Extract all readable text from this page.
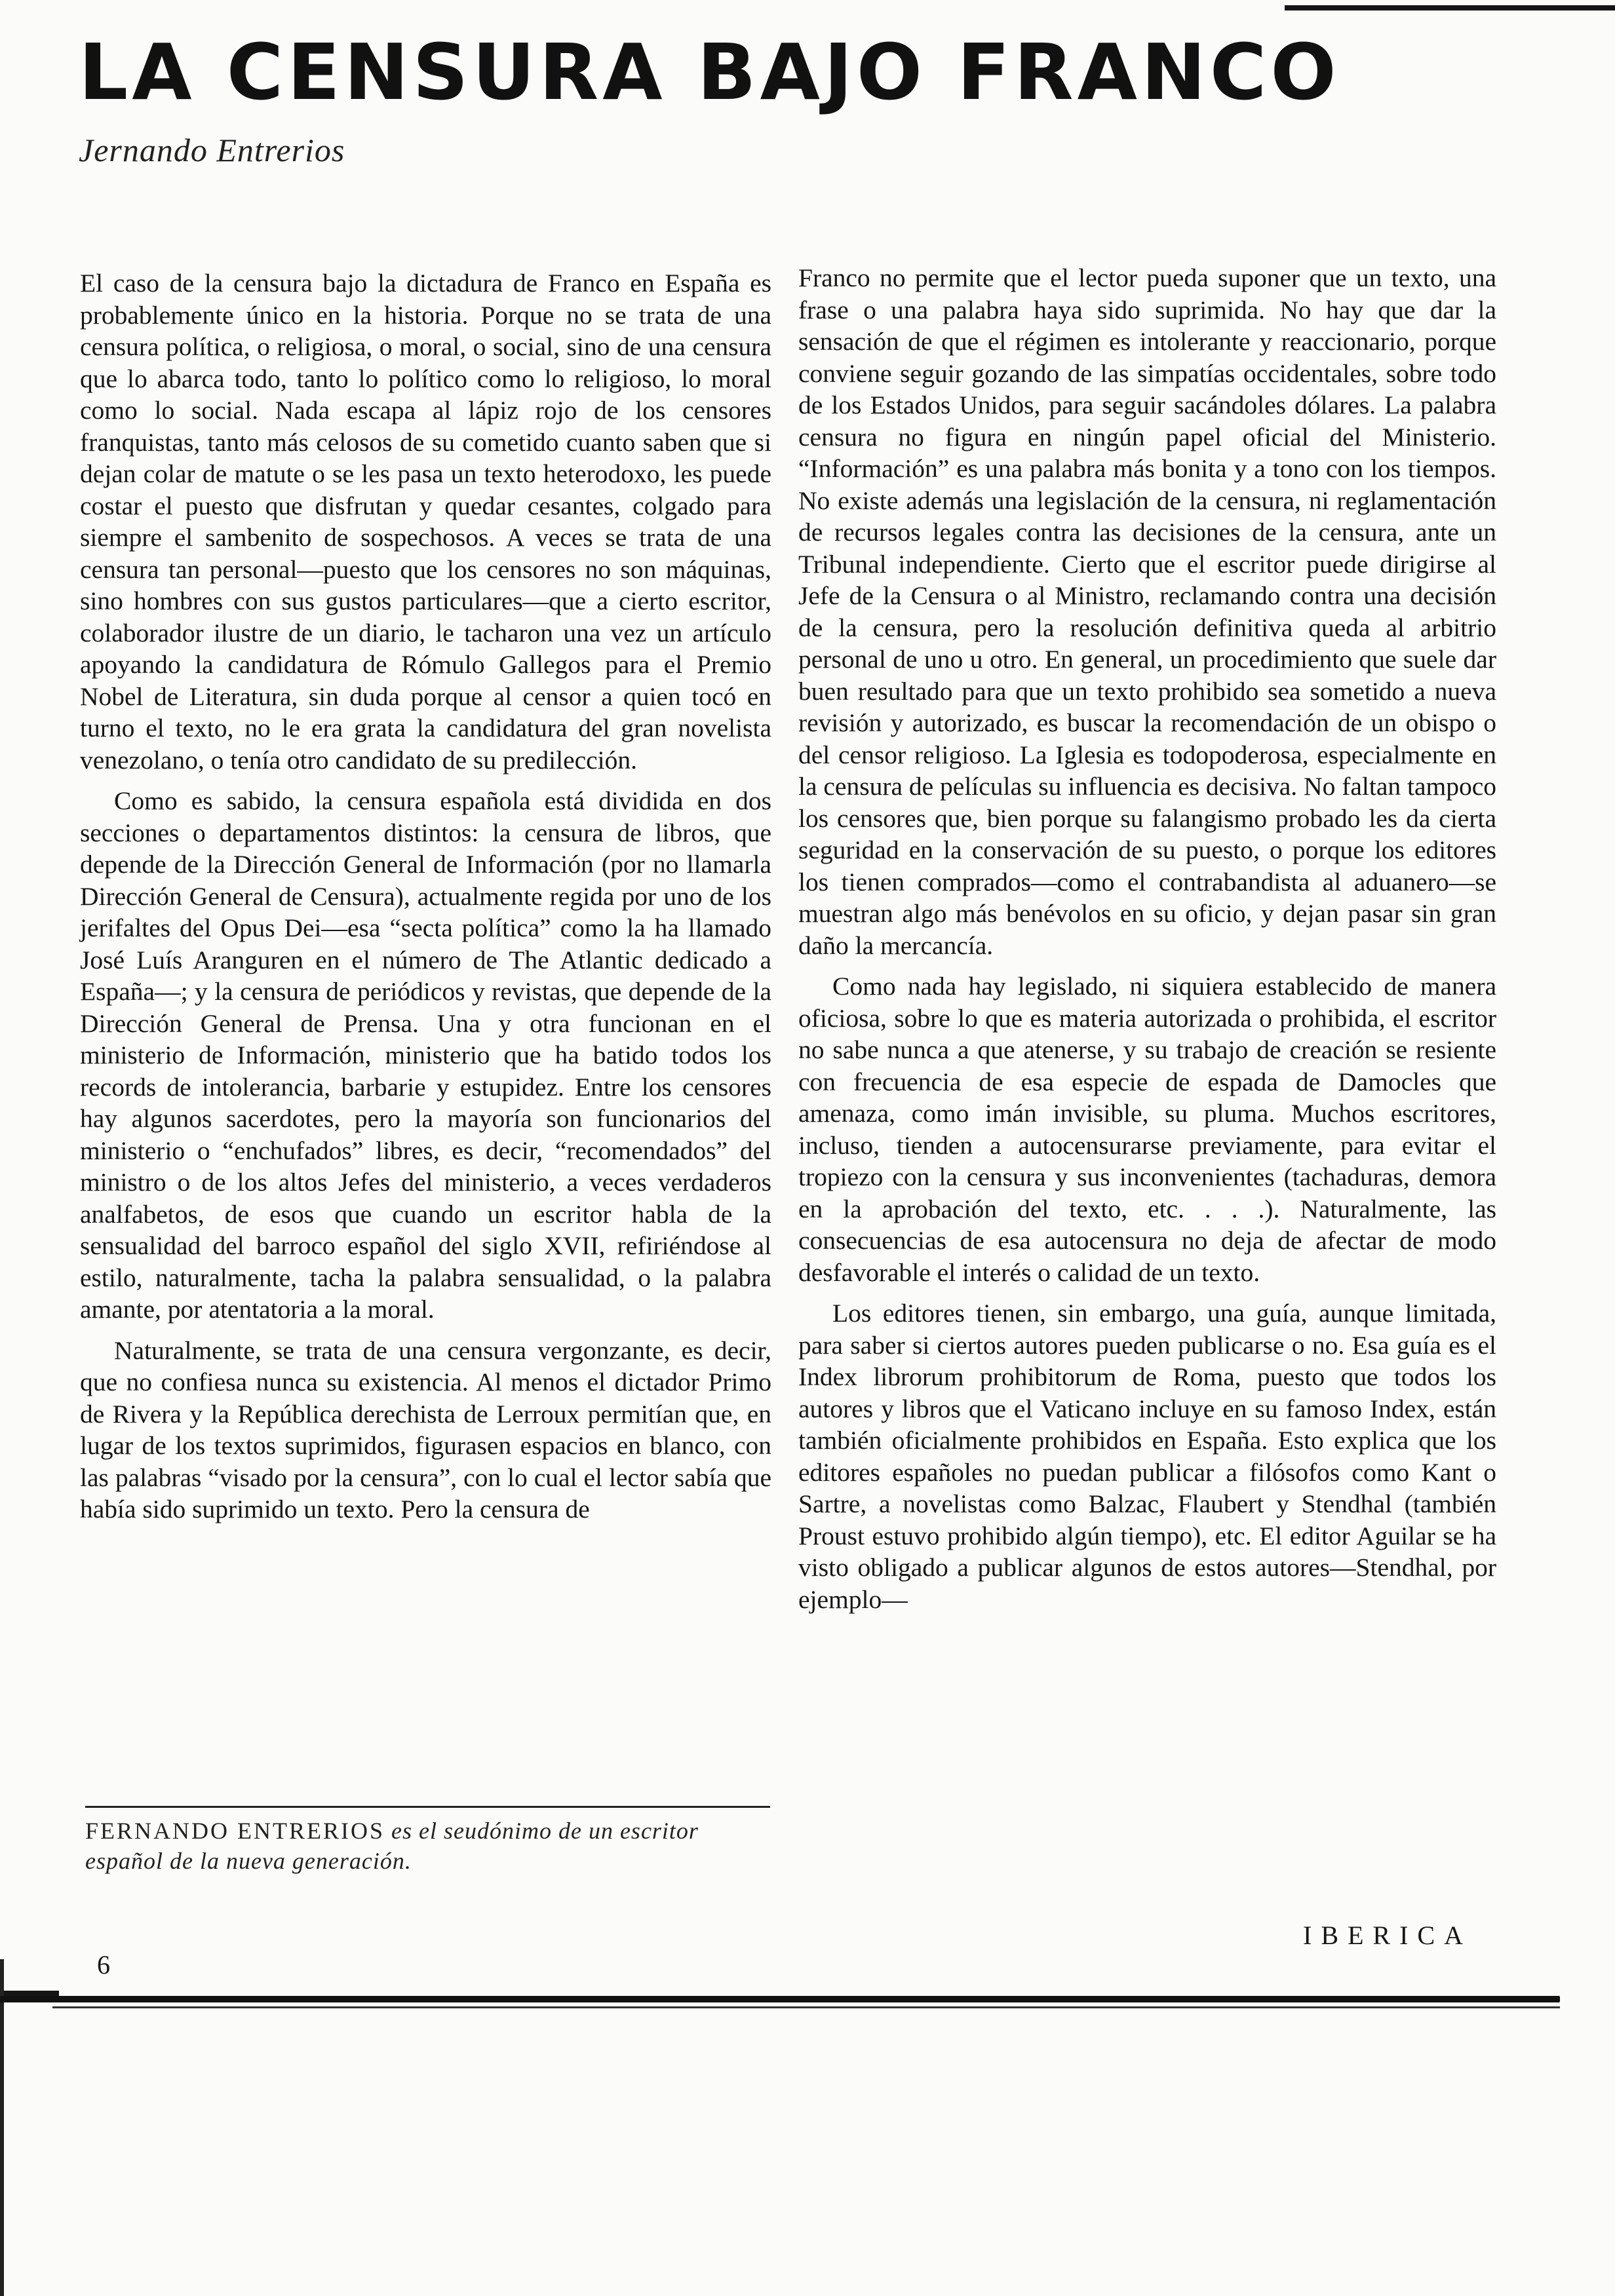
LA CENSURA BAJO FRANCO
Jernando Entrerios

El caso de la censura bajo la dictadura de Franco en España es probablemente único en la historia. Porque no se trata de una censura política, o religiosa, o moral, o social, sino de una censura que lo abarca todo, tanto lo político como lo religioso, lo moral como lo social. Nada escapa al lápiz rojo de los censores franquistas, tanto más celosos de su cometido cuanto saben que si dejan colar de matute o se les pasa un texto heterodoxo, les puede costar el puesto que disfrutan y quedar cesantes, colgado para siempre el sambenito de sospechosos. A veces se trata de una censura tan personal—puesto que los censores no son máquinas, sino hombres con sus gustos particulares—que a cierto escritor, colaborador ilustre de un diario, le tacharon una vez un artículo apoyando la candidatura de Rómulo Gallegos para el Premio Nobel de Literatura, sin duda porque al censor a quien tocó en turno el texto, no le era grata la candidatura del gran novelista venezolano, o tenía otro candidato de su predilección.

Como es sabido, la censura española está dividida en dos secciones o departamentos distintos: la censura de libros, que depende de la Dirección General de Información (por no llamarla Dirección General de Censura), actualmente regida por uno de los jerifaltes del Opus Dei—esa “secta política” como la ha llamado José Luís Aranguren en el número de The Atlantic dedicado a España—; y la censura de periódicos y revistas, que depende de la Dirección General de Prensa. Una y otra funcionan en el ministerio de Información, ministerio que ha batido todos los records de intolerancia, barbarie y estupidez. Entre los censores hay algunos sacerdotes, pero la mayoría son funcionarios del ministerio o “enchufados” libres, es decir, “recomendados” del ministro o de los altos Jefes del ministerio, a veces verdaderos analfabetos, de esos que cuando un escritor habla de la sensualidad del barroco español del siglo XVII, refiriéndose al estilo, naturalmente, tacha la palabra sensualidad, o la palabra amante, por atentatoria a la moral.

Naturalmente, se trata de una censura vergonzante, es decir, que no confiesa nunca su existencia. Al menos el dictador Primo de Rivera y la República derechista de Lerroux permitían que, en lugar de los textos suprimidos, figurasen espacios en blanco, con las palabras “visado por la censura”, con lo cual el lector sabía que había sido suprimido un texto. Pero la censura de

Franco no permite que el lector pueda suponer que un texto, una frase o una palabra haya sido suprimida. No hay que dar la sensación de que el régimen es intolerante y reaccionario, porque conviene seguir gozando de las simpatías occidentales, sobre todo de los Estados Unidos, para seguir sacándoles dólares. La palabra censura no figura en ningún papel oficial del Ministerio. “Información” es una palabra más bonita y a tono con los tiempos. No existe además una legislación de la censura, ni reglamentación de recursos legales contra las decisiones de la censura, ante un Tribunal independiente. Cierto que el escritor puede dirigirse al Jefe de la Censura o al Ministro, reclamando contra una decisión de la censura, pero la resolución definitiva queda al arbitrio personal de uno u otro. En general, un procedimiento que suele dar buen resultado para que un texto prohibido sea sometido a nueva revisión y autorizado, es buscar la recomendación de un obispo o del censor religioso. La Iglesia es todopoderosa, especialmente en la censura de películas su influencia es decisiva. No faltan tampoco los censores que, bien porque su falangismo probado les da cierta seguridad en la conservación de su puesto, o porque los editores los tienen comprados—como el contrabandista al aduanero—se muestran algo más benévolos en su oficio, y dejan pasar sin gran daño la mercancía.

Como nada hay legislado, ni siquiera establecido de manera oficiosa, sobre lo que es materia autorizada o prohibida, el escritor no sabe nunca a que atenerse, y su trabajo de creación se resiente con frecuencia de esa especie de espada de Damocles que amenaza, como imán invisible, su pluma. Muchos escritores, incluso, tienden a autocensurarse previamente, para evitar el tropiezo con la censura y sus inconvenientes (tachaduras, demora en la aprobación del texto, etc. . . .). Naturalmente, las consecuencias de esa autocensura no deja de afectar de modo desfavorable el interés o calidad de un texto.

Los editores tienen, sin embargo, una guía, aunque limitada, para saber si ciertos autores pueden publicarse o no. Esa guía es el Index librorum prohibitorum de Roma, puesto que todos los autores y libros que el Vaticano incluye en su famoso Index, están también oficialmente prohibidos en España. Esto explica que los editores españoles no puedan publicar a filósofos como Kant o Sartre, a novelistas como Balzac, Flaubert y Stendhal (también Proust estuvo prohibido algún tiempo), etc. El editor Aguilar se ha visto obligado a publicar algunos de estos autores—Stendhal, por ejemplo—

FERNANDO ENTRERIOS es el seudónimo de un escritor español de la nueva generación.
6
IBERICA
